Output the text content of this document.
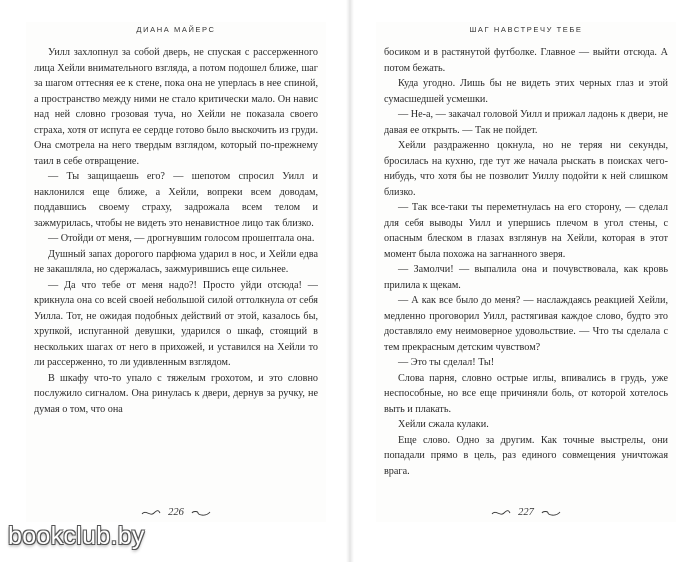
ДИАНА МАЙЕРС

Уилл захлопнул за собой дверь, не спуская с рассерженного лица Хейли внимательного взгляда, а потом подошел ближе, шаг за шагом оттесняя ее к стене, пока она не уперлась в нее спиной, а пространство между ними не стало критически мало. Он навис над ней словно грозовая туча, но Хейли не показала своего страха, хотя от испуга ее сердце готово было выскочить из груди. Она смотрела на него твердым взглядом, который по-прежнему таил в себе отвращение.

— Ты защищаешь его? — шепотом спросил Уилл и наклонился еще ближе, а Хейли, вопреки всем доводам, поддавшись своему страху, задрожала всем телом и зажмурилась, чтобы не видеть это ненавистное лицо так близко.

— Отойди от меня, — дрогнувшим голосом прошептала она.

Душный запах дорогого парфюма ударил в нос, и Хейли едва не закашляла, но сдержалась, зажмурившись еще сильнее.

— Да что тебе от меня надо?! Просто уйди отсюда! — крикнула она со всей своей небольшой силой оттолкнула от себя Уилла. Тот, не ожидая подобных действий от этой, казалось бы, хрупкой, испуганной девушки, ударился о шкаф, стоящий в нескольких шагах от него в прихожей, и уставился на Хейли то ли рассерженно, то ли удивленным взглядом.

В шкафу что-то упало с тяжелым грохотом, и это словно послужило сигналом. Она ринулась к двери, дернув за ручку, не думая о том, что она

226
ШАГ НАВСТРЕЧУ ТЕБЕ

босиком и в растянутой футболке. Главное — выйти отсюда. А потом бежать.

Куда угодно. Лишь бы не видеть этих черных глаз и этой сумасшедшей усмешки.

— Не-а, — закачал головой Уилл и прижал ладонь к двери, не давая ее открыть. — Так не пойдет.

Хейли раздраженно цокнула, но не теряя ни секунды, бросилась на кухню, где тут же начала рыскать в поисках чего-нибудь, что хотя бы не позволит Уиллу подойти к ней слишком близко.

— Так все-таки ты переметнулась на его сторону, — сделал для себя выводы Уилл и упершись плечом в угол стены, с опасным блеском в глазах взглянув на Хейли, которая в этот момент была похожа на загнанного зверя.

— Замолчи! — выпалила она и почувствовала, как кровь прилила к щекам.

— А как все было до меня? — наслаждаясь реакцией Хейли, медленно проговорил Уилл, растягивая каждое слово, будто это доставляло ему неимоверное удовольствие. — Что ты сделала с тем прекрасным детским чувством?

— Это ты сделал! Ты!

Слова парня, словно острые иглы, впивались в грудь, уже неспособные, но все еще причиняли боль, от которой хотелось выть и плакать.

Хейли сжала кулаки.

Еще слово. Одно за другим. Как точные выстрелы, они попадали прямо в цель, раз единого совмещения уничтожая врага.

227
bookclub.by
